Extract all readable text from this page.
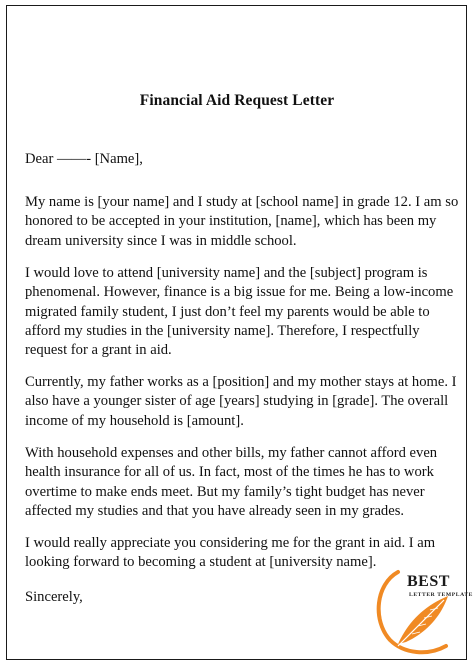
Financial Aid Request Letter

Dear ——- [Name],

My name is [your name] and I study at [school name] in grade 12. I am so honored to be accepted in your institution, [name], which has been my dream university since I was in middle school.

I would love to attend [university name] and the [subject] program is phenomenal. However, finance is a big issue for me. Being a low-income migrated family student, I just don’t feel my parents would be able to afford my studies in the [university name]. Therefore, I respectfully request for a grant in aid.

Currently, my father works as a [position] and my mother stays at home. I also have a younger sister of age [years] studying in [grade]. The overall income of my household is [amount].

With household expenses and other bills, my father cannot afford even health insurance for all of us. In fact, most of the times he has to work overtime to make ends meet. But my family’s tight budget has never affected my studies and that you have already seen in my grades.

I would really appreciate you considering me for the grant in aid. I am looking forward to becoming a student at [university name].

Sincerely,

BEST
LETTER TEMPLATE
